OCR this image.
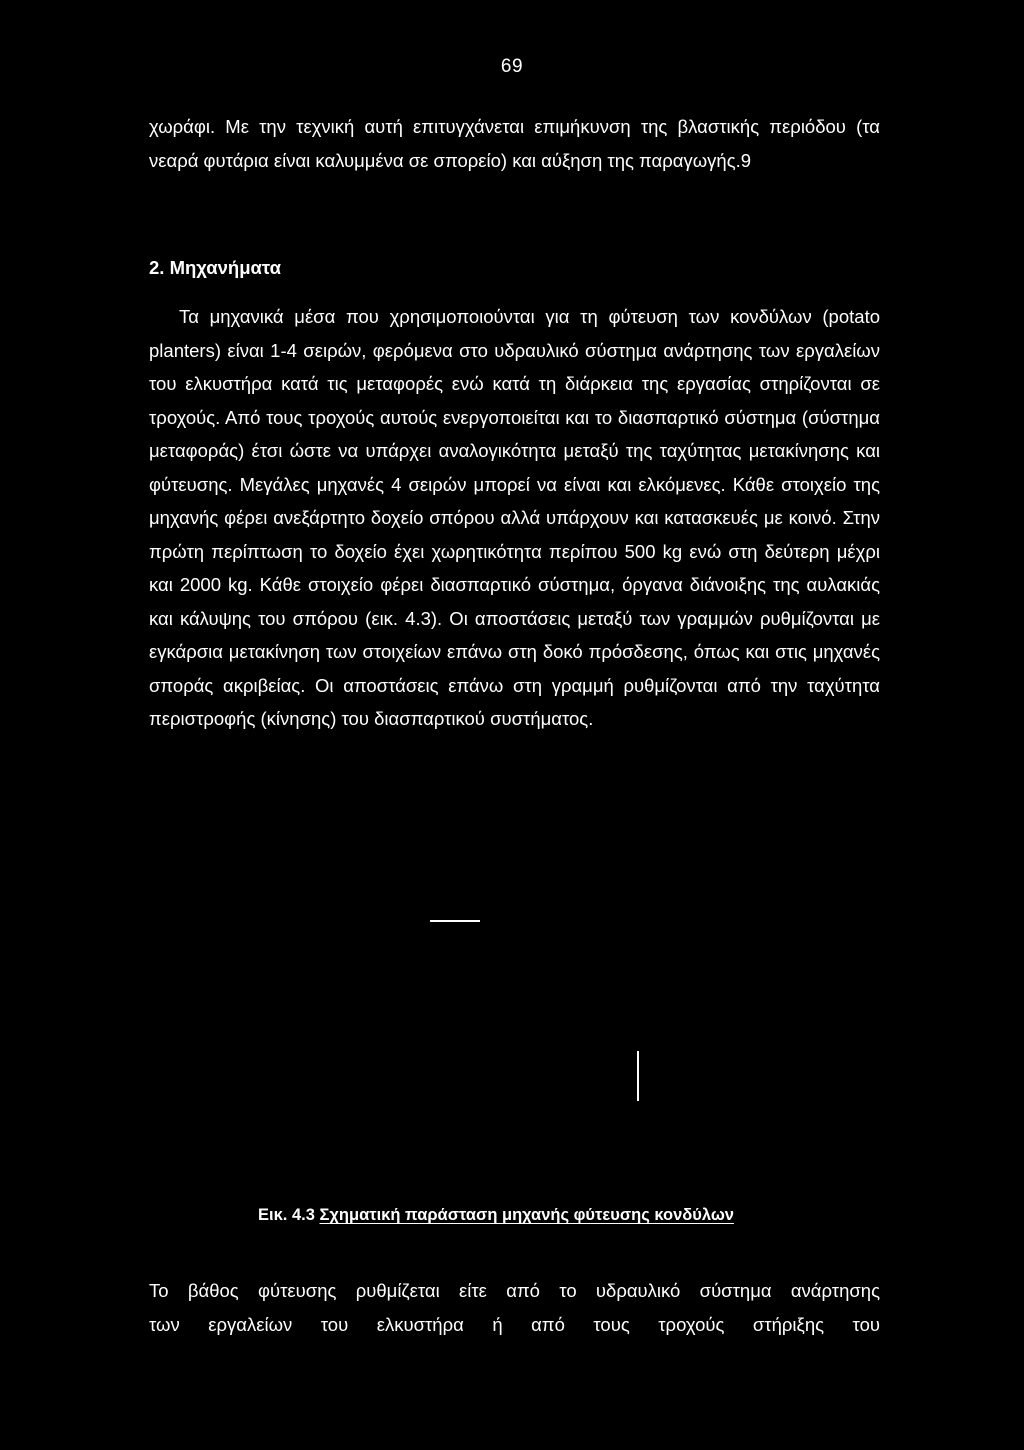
69

χωράφι. Με την τεχνική αυτή επιτυγχάνεται επιμήκυνση της βλαστικής περιόδου (τα νεαρά φυτάρια είναι καλυμμένα σε σπορείο) και αύξηση της παραγωγής.9

2. Μηχανήματα

Τα μηχανικά μέσα που χρησιμοποιούνται για τη φύτευση των κονδύλων (potato planters) είναι 1-4 σειρών, φερόμενα στο υδραυλικό σύστημα ανάρτησης των εργαλείων του ελκυστήρα κατά τις μεταφορές ενώ κατά τη διάρκεια της εργασίας στηρίζονται σε τροχούς. Από τους τροχούς αυτούς ενεργοποιείται και το διασπαρτικό σύστημα (σύστημα μεταφοράς) έτσι ώστε να υπάρχει αναλογικότητα μεταξύ της ταχύτητας μετακίνησης και φύτευσης. Μεγάλες μηχανές 4 σειρών μπορεί να είναι και ελκόμενες. Κάθε στοιχείο της μηχανής φέρει ανεξάρτητο δοχείο σπόρου αλλά υπάρχουν και κατασκευές με κοινό. Στην πρώτη περίπτωση το δοχείο έχει χωρητικότητα περίπου 500 kg ενώ στη δεύτερη μέχρι και 2000 kg. Κάθε στοιχείο φέρει διασπαρτικό σύστημα, όργανα διάνοιξης της αυλακιάς και κάλυψης του σπόρου (εικ. 4.3). Οι αποστάσεις μεταξύ των γραμμών ρυθμίζονται με εγκάρσια μετακίνηση των στοιχείων επάνω στη δοκό πρόσδεσης, όπως και στις μηχανές σποράς ακριβείας. Οι αποστάσεις επάνω στη γραμμή ρυθμίζονται από την ταχύτητα περιστροφής (κίνησης) του διασπαρτικού συστήματος.

Εικ. 4.3 Σχηματική παράσταση μηχανής φύτευσης κονδύλων

Το βάθος φύτευσης ρυθμίζεται είτε από το υδραυλικό σύστημα ανάρτησης

των εργαλείων του ελκυστήρα ή από τους τροχούς στήριξης του
